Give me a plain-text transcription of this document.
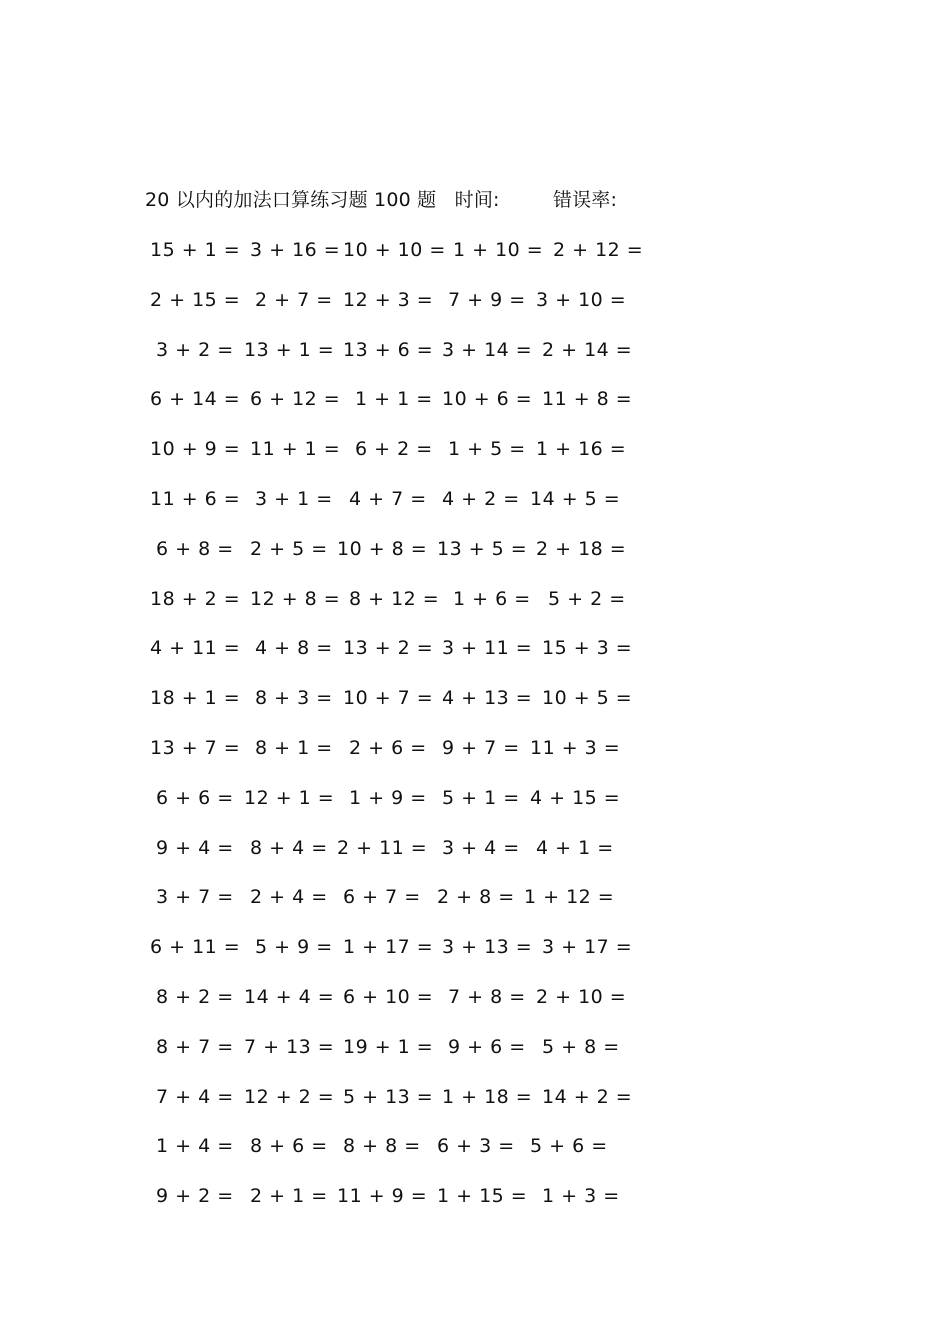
20 以内的加法口算练习题 100 题 时间:	错误率:
15 + 1 = 3 + 16 = 10 + 10 = 1 + 10 = 2 + 12 =
2 + 15 = 2 + 7 = 12 + 3 = 7 + 9 = 3 + 10 =
3 + 2 = 13 + 1 = 13 + 6 = 3 + 14 = 2 + 14 =
6 + 14 = 6 + 12 = 1 + 1 = 10 + 6 = 11 + 8 =
10 + 9 = 11 + 1 = 6 + 2 = 1 + 5 = 1 + 16 =
11 + 6 = 3 + 1 = 4 + 7 = 4 + 2 = 14 + 5 =
6 + 8 = 2 + 5 = 10 + 8 = 13 + 5 = 2 + 18 =
18 + 2 = 12 + 8 = 8 + 12 = 1 + 6 = 5 + 2 =
4 + 11 = 4 + 8 = 13 + 2 = 3 + 11 = 15 + 3 =
18 + 1 = 8 + 3 = 10 + 7 = 4 + 13 = 10 + 5 =
13 + 7 = 8 + 1 = 2 + 6 = 9 + 7 = 11 + 3 =
6 + 6 = 12 + 1 = 1 + 9 = 5 + 1 = 4 + 15 =
9 + 4 = 8 + 4 = 2 + 11 = 3 + 4 = 4 + 1 =
3 + 7 = 2 + 4 = 6 + 7 = 2 + 8 = 1 + 12 =
6 + 11 = 5 + 9 = 1 + 17 = 3 + 13 = 3 + 17 =
8 + 2 = 14 + 4 = 6 + 10 = 7 + 8 = 2 + 10 =
8 + 7 = 7 + 13 = 19 + 1 = 9 + 6 = 5 + 8 =
7 + 4 = 12 + 2 = 5 + 13 = 1 + 18 = 14 + 2 =
1 + 4 = 8 + 6 = 8 + 8 = 6 + 3 = 5 + 6 =
9 + 2 = 2 + 1 = 11 + 9 = 1 + 15 = 1 + 3 =
